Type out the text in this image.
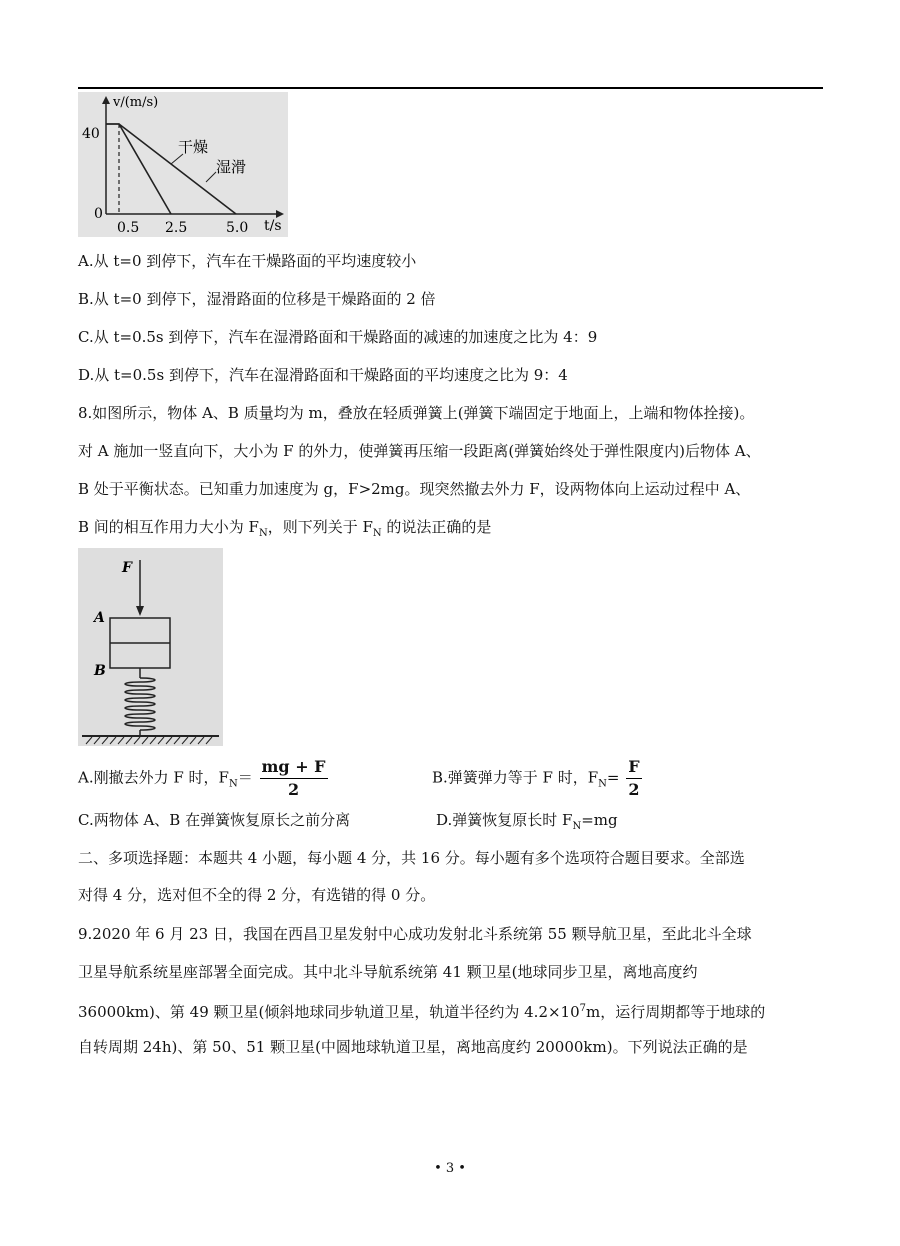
v/(m/s)
40
0
0.5 2.5	5.0 t/s
干燥
湿滑
A.从 t=0 到停下，汽车在干燥路面的平均速度较小
B.从 t=0 到停下，湿滑路面的位移是干燥路面的 2 倍
C.从 t=0.5s 到停下，汽车在湿滑路面和干燥路面的减速的加速度之比为 4：9
D.从 t=0.5s 到停下，汽车在湿滑路面和干燥路面的平均速度之比为 9：4
8.如图所示，物体 A、B 质量均为 m，叠放在轻质弹簧上(弹簧下端固定于地面上，上端和物体拴接)。
对 A 施加一竖直向下，大小为 F 的外力，使弹簧再压缩一段距离(弹簧始终处于弹性限度内)后物体 A、
B 处于平衡状态。已知重力加速度为 g，F>2mg。现突然撤去外力 F，设两物体向上运动过程中 A、
B 间的相互作用力大小为 $F_N$，则下列关于 $F_N$ 的说法正确的是
F
A
B
A.刚撤去外力 F 时，$F_N= \frac{mg + F}{2}$	B.弹簧弹力等于 F 时，$F_N= \frac{F}{2}$
C.两物体 A、B 在弹簧恢复原长之前分离	D.弹簧恢复原长时 $F_N=mg$
二、多项选择题：本题共 4 小题，每小题 4 分，共 16 分。每小题有多个选项符合题目要求。全部选
对得 4 分，选对但不全的得 2 分，有选错的得 0 分。
9.2020 年 6 月 23 日，我国在西昌卫星发射中心成功发射北斗系统第 55 颗导航卫星，至此北斗全球
卫星导航系统星座部署全面完成。其中北斗导航系统第 41 颗卫星(地球同步卫星，离地高度约
36000km)、第 49 颗卫星(倾斜地球同步轨道卫星，轨道半径约为 $4.2\times 10^7m$，运行周期都等于地球的
自转周期 24h)、第 50、51 颗卫星(中圆地球轨道卫星，离地高度约 20000km)。下列说法正确的是
• 3 •
